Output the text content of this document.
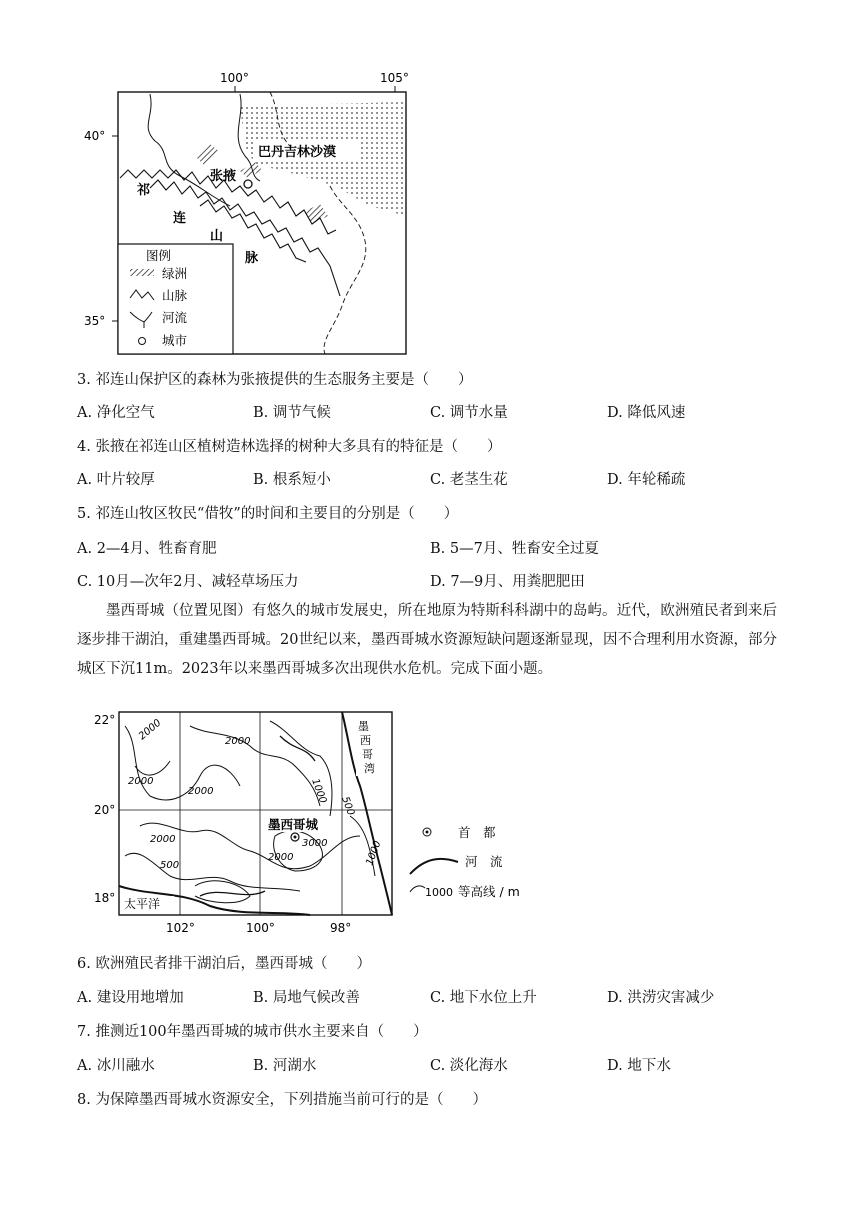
100°	105°
40°
35°
巴丹吉林沙漠
张掖
祁
连
山
脉
图例
绿洲
山脉
河流
城市
3. 祁连山保护区的森林为张掖提供的生态服务主要是（　　）
A. 净化空气	B. 调节气候	C. 调节水量	D. 降低风速
4. 张掖在祁连山区植树造林选择的树种大多具有的特征是（　　）
A. 叶片较厚	B. 根系短小	C. 老茎生花	D. 年轮稀疏
5. 祁连山牧区牧民“借牧”的时间和主要目的分别是（　　）
A. 2—4月、牲畜育肥	B. 5—7月、牲畜安全过夏
C. 10月—次年2月、减轻草场压力	D. 7—9月、用粪肥肥田

墨西哥城（位置见图）有悠久的城市发展史，所在地原为特斯科科湖中的岛屿。近代，欧洲殖民者到来后逐步排干湖泊，重建墨西哥城。20世纪以来，墨西哥城水资源短缺问题逐渐显现，因不合理利用水资源，部分城区下沉11m。2023年以来墨西哥城多次出现供水危机。完成下面小题。

22°
20°
18°
102°	100°	98°
2000	2000
2000
2000	1000
500
2000
500
2000
3000	1000
墨西哥城
墨
西
哥
湾
太平洋
首　都
河　流
1000 等高线 / m
6. 欧洲殖民者排干湖泊后，墨西哥城（　　）
A. 建设用地增加	B. 局地气候改善	C. 地下水位上升	D. 洪涝灾害减少
7. 推测近100年墨西哥城的城市供水主要来自（　　）
A. 冰川融水	B. 河湖水	C. 淡化海水	D. 地下水
8. 为保障墨西哥城水资源安全，下列措施当前可行的是（　　）
